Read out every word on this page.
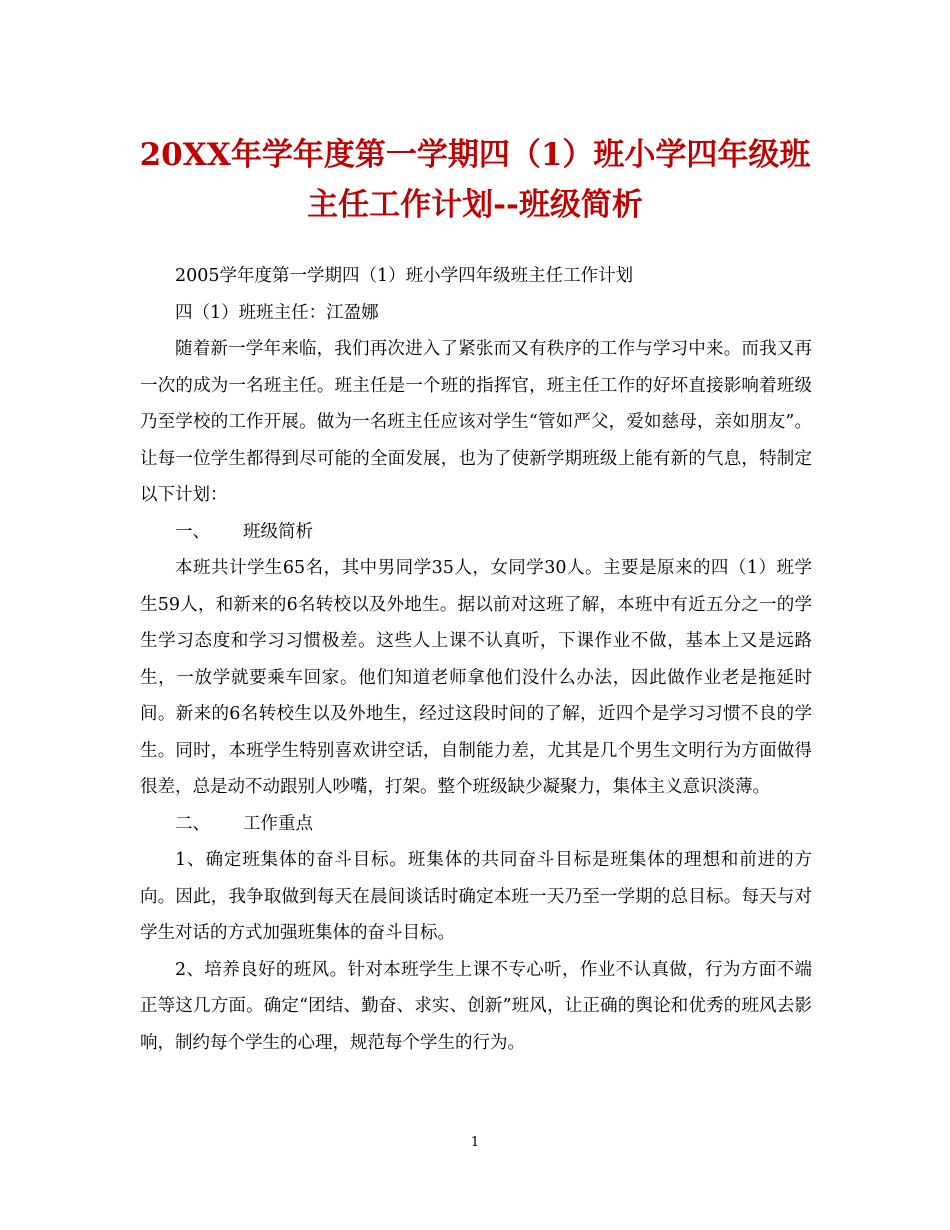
20XX年学年度第一学期四（1）班小学四年级班主任工作计划--班级简析

2005学年度第一学期四（1）班小学四年级班主任工作计划

四（1）班班主任：江盈娜

随着新一学年来临，我们再次进入了紧张而又有秩序的工作与学习中来。而我又再一次的成为一名班主任。班主任是一个班的指挥官，班主任工作的好坏直接影响着班级乃至学校的工作开展。做为一名班主任应该对学生“管如严父，爱如慈母，亲如朋友”。让每一位学生都得到尽可能的全面发展，也为了使新学期班级上能有新的气息，特制定以下计划：

一、	班级简析

本班共计学生65名，其中男同学35人，女同学30人。主要是原来的四（1）班学生59人，和新来的6名转校以及外地生。据以前对这班了解，本班中有近五分之一的学生学习态度和学习习惯极差。这些人上课不认真听，下课作业不做，基本上又是远路生，一放学就要乘车回家。他们知道老师拿他们没什么办法，因此做作业老是拖延时间。新来的6名转校生以及外地生，经过这段时间的了解，近四个是学习习惯不良的学生。同时，本班学生特别喜欢讲空话，自制能力差，尤其是几个男生文明行为方面做得很差，总是动不动跟别人吵嘴，打架。整个班级缺少凝聚力，集体主义意识淡薄。

二、	工作重点

1、确定班集体的奋斗目标。班集体的共同奋斗目标是班集体的理想和前进的方向。因此，我争取做到每天在晨间谈话时确定本班一天乃至一学期的总目标。每天与对学生对话的方式加强班集体的奋斗目标。

2、培养良好的班风。针对本班学生上课不专心听，作业不认真做，行为方面不端正等这几方面。确定“团结、勤奋、求实、创新”班风，让正确的舆论和优秀的班风去影响，制约每个学生的心理，规范每个学生的行为。

1
